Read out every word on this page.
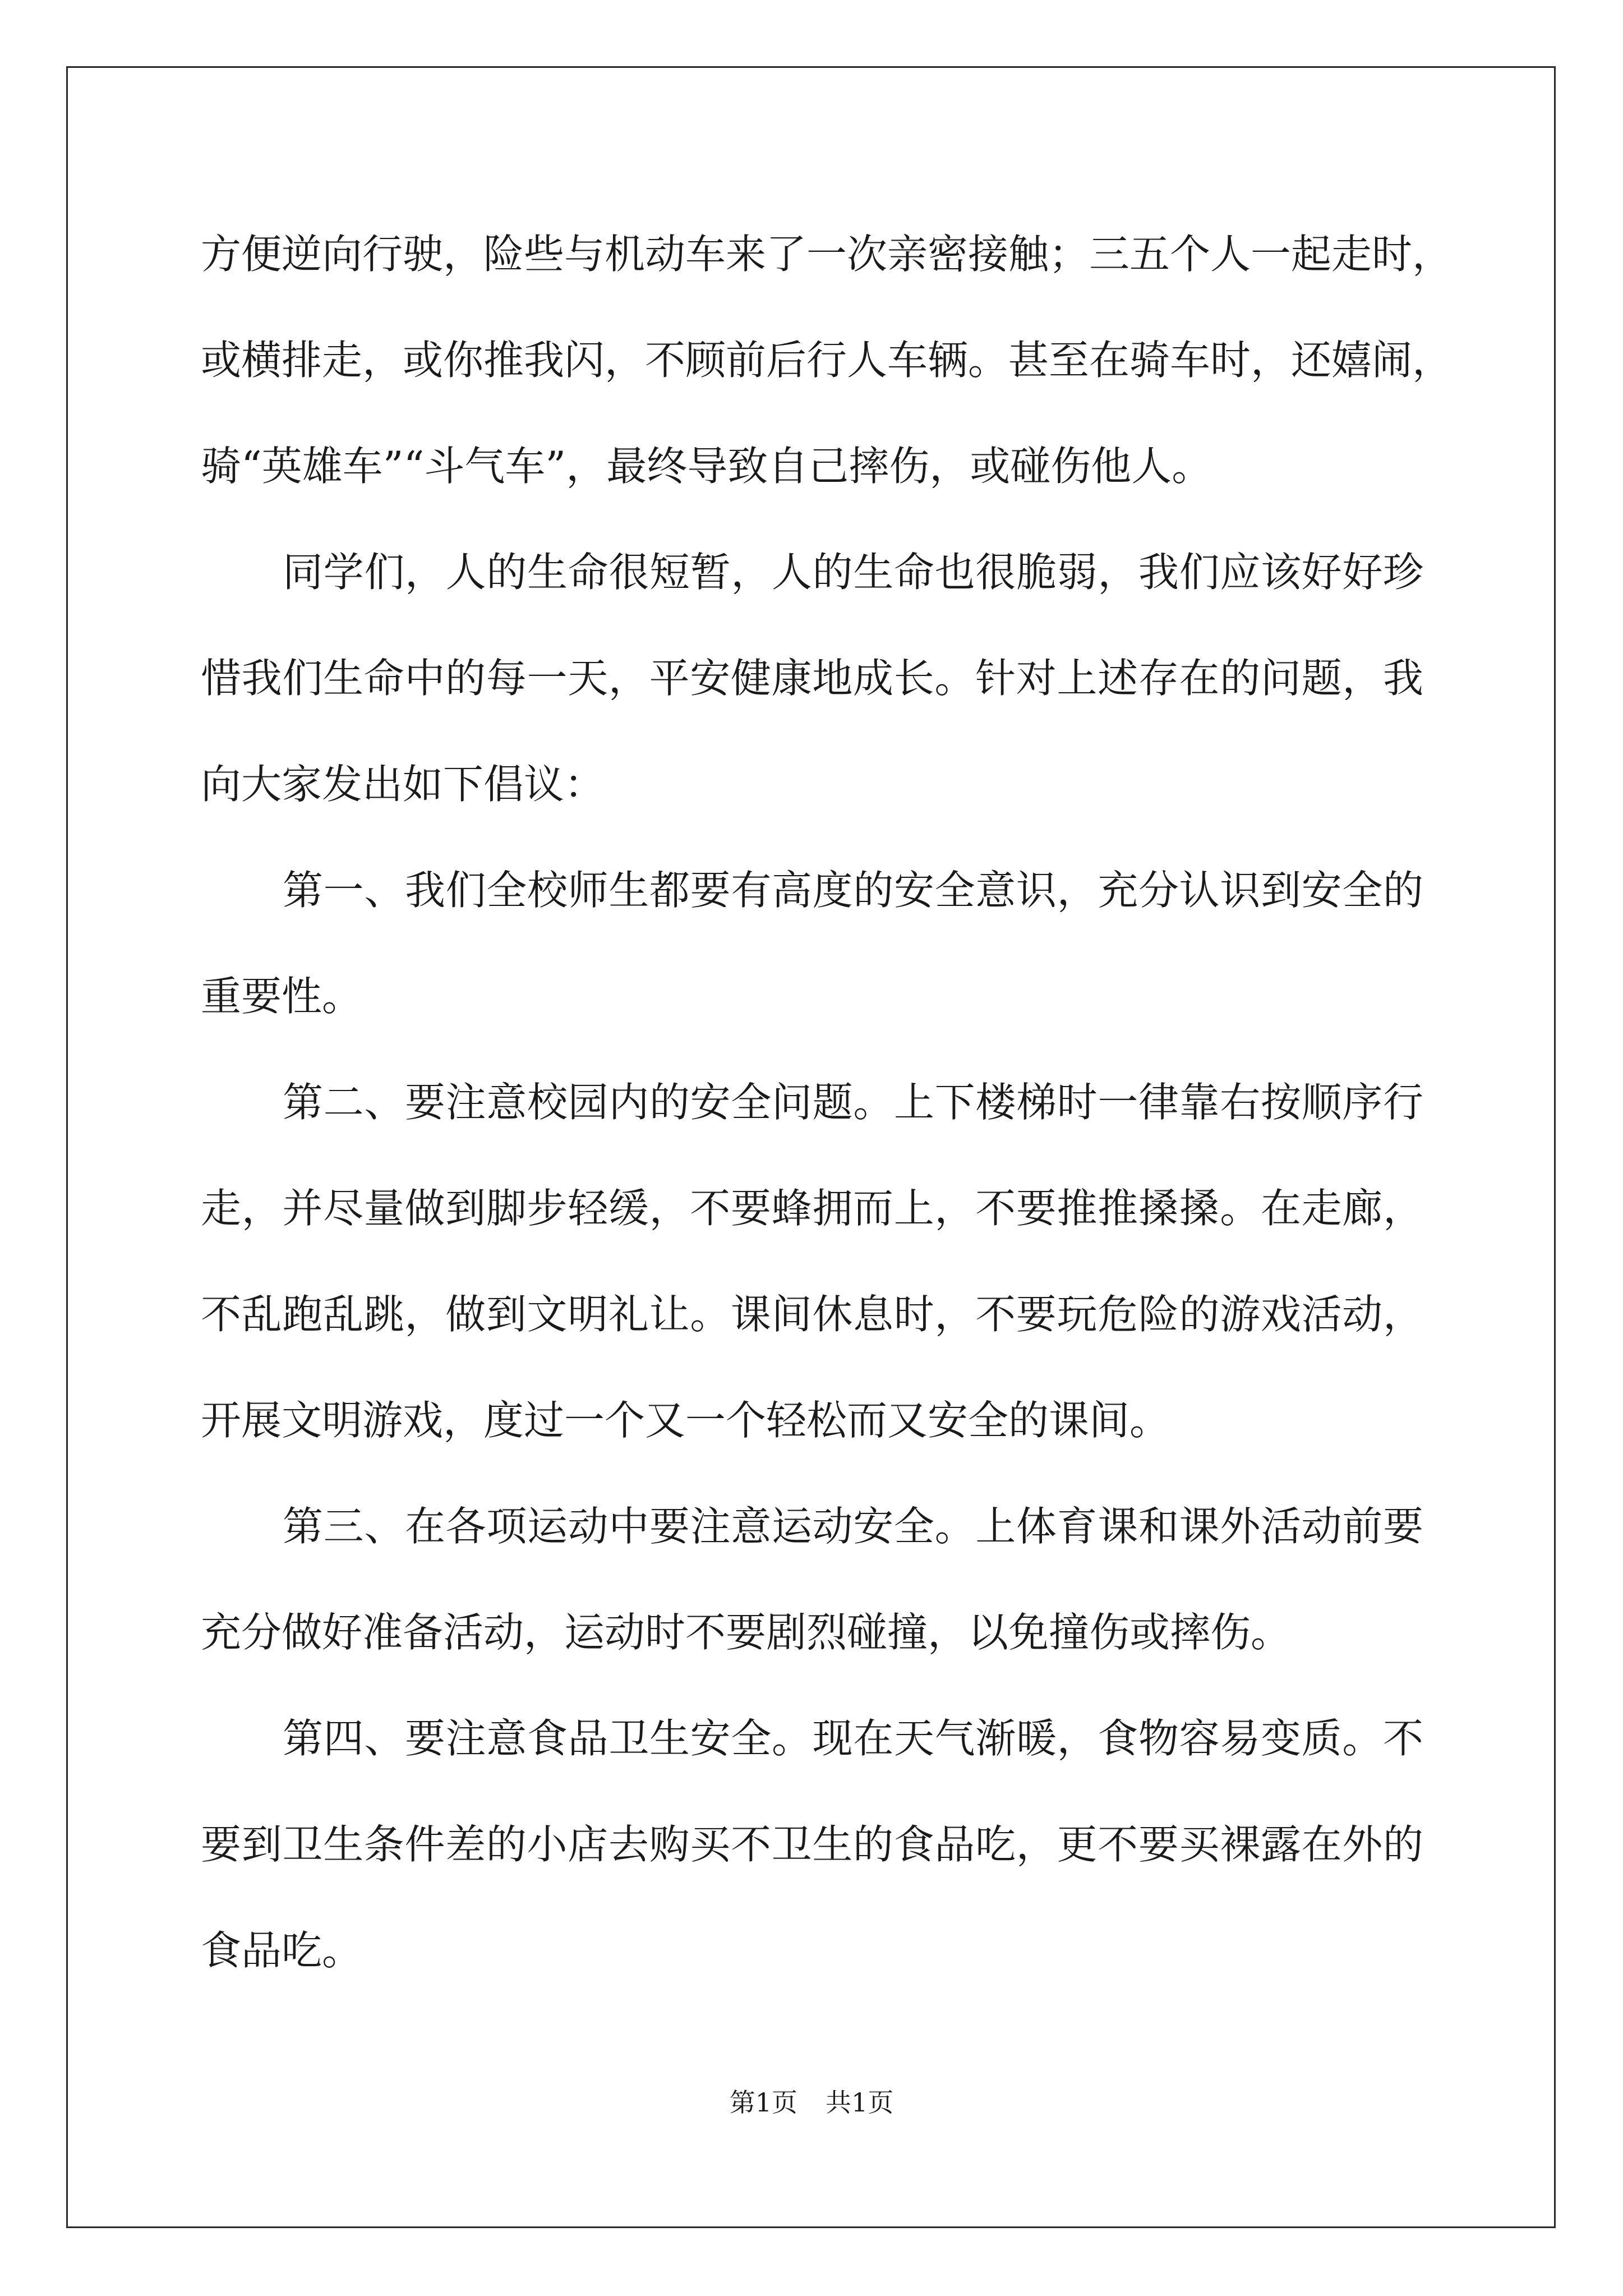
方便逆向行驶，险些与机动车来了一次亲密接触；三五个人一起走时，
或横排走，或你推我闪，不顾前后行人车辆。甚至在骑车时，还嬉闹，
骑“英雄车”“斗气车”，最终导致自己摔伤，或碰伤他人。
同学们，人的生命很短暂，人的生命也很脆弱，我们应该好好珍
惜我们生命中的每一天，平安健康地成长。针对上述存在的问题，我
向大家发出如下倡议：
第一、我们全校师生都要有高度的安全意识，充分认识到安全的
重要性。
第二、要注意校园内的安全问题。上下楼梯时一律靠右按顺序行
走，并尽量做到脚步轻缓，不要蜂拥而上，不要推推搡搡。在走廊，
不乱跑乱跳，做到文明礼让。课间休息时，不要玩危险的游戏活动，
开展文明游戏，度过一个又一个轻松而又安全的课间。
第三、在各项运动中要注意运动安全。上体育课和课外活动前要
充分做好准备活动，运动时不要剧烈碰撞，以免撞伤或摔伤。
第四、要注意食品卫生安全。现在天气渐暖，食物容易变质。不
要到卫生条件差的小店去购买不卫生的食品吃，更不要买裸露在外的
食品吃。
第1页 共1页
